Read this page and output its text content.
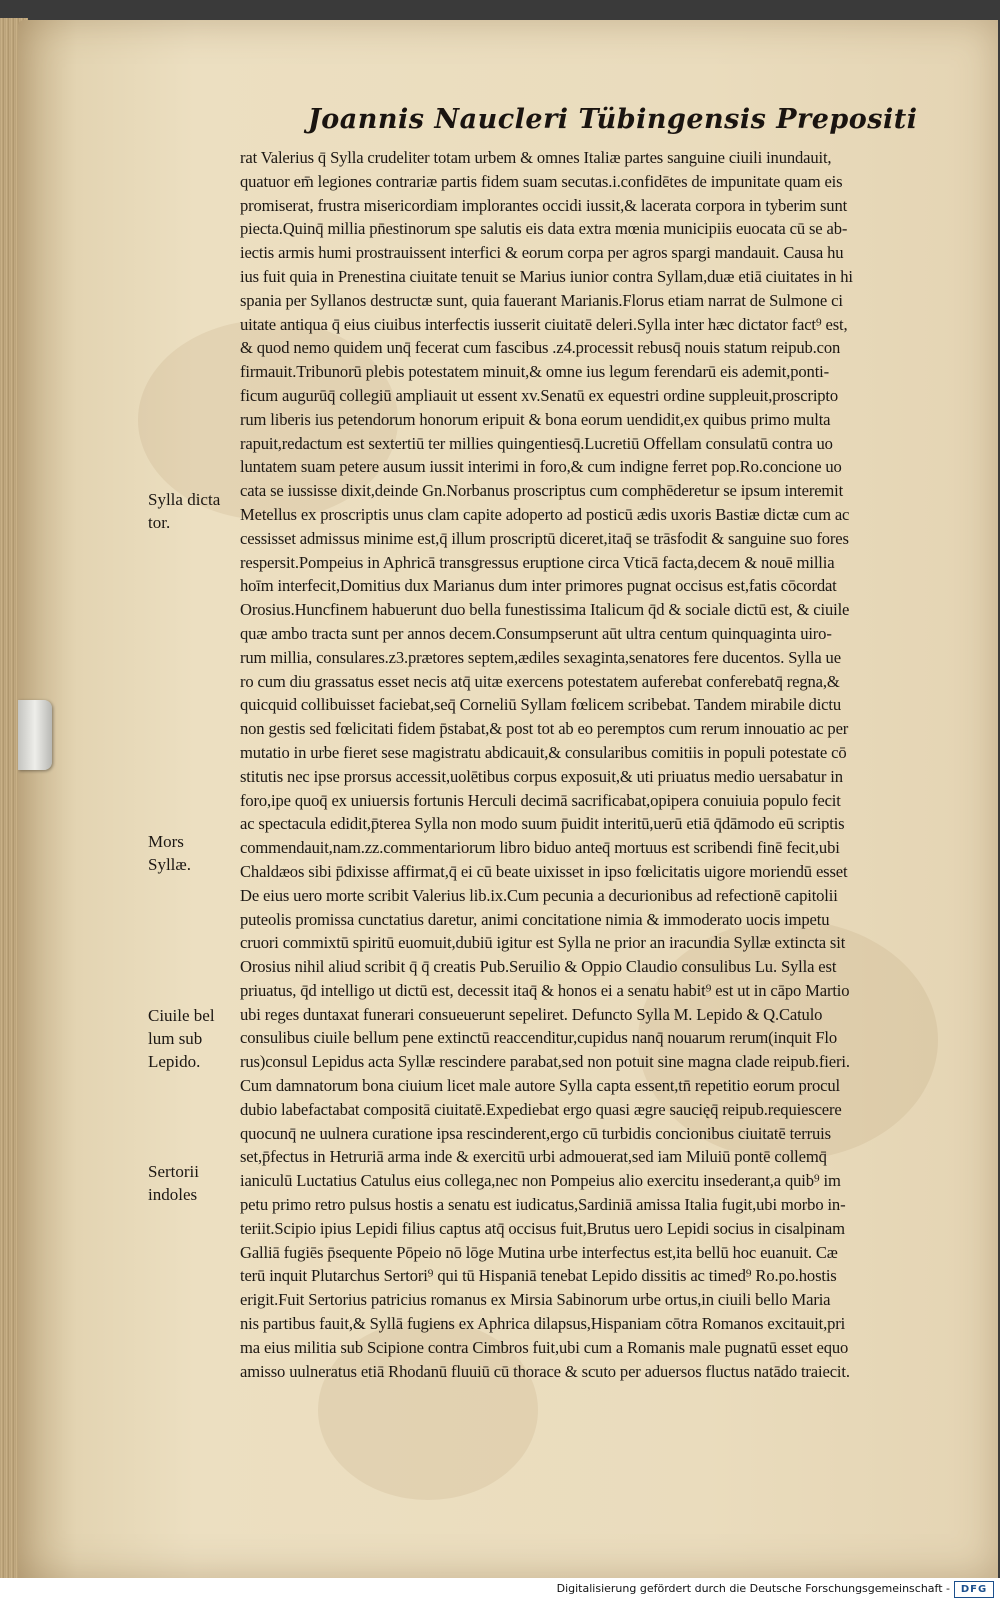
Joannis Naucleri Tübingensis Prepositi
rat Valerius q̄ Sylla crudeliter totam urbem & omnes Italiæ partes sanguine ciuili inundauit,
quatuor em̄ legiones contrariæ partis fidem suam secutas.i.confidētes de impunitate quam eis
promiserat, frustra misericordiam implorantes occidi iussit,& lacerata corpora in tyberim sunt
piecta.Quinq̄ millia pn̄estinorum spe salutis eis data extra mœnia municipiis euocata cū se ab-
iectis armis humi prostrauissent interfici & eorum corpa per agros spargi mandauit. Causa hu
ius fuit quia in Prenestina ciuitate tenuit se Marius iunior contra Syllam,duæ etiā ciuitates in hi
spania per Syllanos destructæ sunt, quia fauerant Marianis.Florus etiam narrat de Sulmone ci
uitate antiqua q̄ eius ciuibus interfectis iusserit ciuitatē deleri.Sylla inter hæc dictator fact⁹ est,
& quod nemo quidem unq̄ fecerat cum fascibus .z4.processit rebusq̄ nouis statum reipub.con
firmauit.Tribunorū plebis potestatem minuit,& omne ius legum ferendarū eis ademit,ponti-
ficum augurūq̄ collegiū ampliauit ut essent xv.Senatū ex equestri ordine suppleuit,proscripto
rum liberis ius petendorum honorum eripuit & bona eorum uendidit,ex quibus primo multa
rapuit,redactum est sextertiū ter millies quingentiesq̄.Lucretiū Offellam consulatū contra uo
luntatem suam petere ausum iussit interimi in foro,& cum indigne ferret pop.Ro.concione uo
cata se iussisse dixit,deinde Gn.Norbanus proscriptus cum comphēderetur se ipsum interemit
Metellus ex proscriptis unus clam capite adoperto ad posticū ædis uxoris Bastiæ dictæ cum ac
cessisset admissus minime est,q̄ illum proscriptū diceret,itaq̄ se trāsfodit & sanguine suo fores
respersit.Pompeius in Aphricā transgressus eruptione circa Vticā facta,decem & nouē millia
hoīm interfecit,Domitius dux Marianus dum inter primores pugnat occisus est,fatis cōcordat
Orosius.Huncfinem habuerunt duo bella funestissima Italicum q̄d & sociale dictū est, & ciuile
quæ ambo tracta sunt per annos decem.Consumpserunt aūt ultra centum quinquaginta uiro-
rum millia, consulares.z3.prætores septem,ædiles sexaginta,senatores fere ducentos. Sylla ue
ro cum diu grassatus esset necis atq̄ uitæ exercens potestatem auferebat conferebatq̄ regna,&
quicquid collibuisset faciebat,seq̄ Corneliū Syllam fœlicem scribebat. Tandem mirabile dictu
non gestis sed fœlicitati fidem p̄stabat,& post tot ab eo peremptos cum rerum innouatio ac per
mutatio in urbe fieret sese magistratu abdicauit,& consularibus comitiis in populi potestate cō
stitutis nec ipse prorsus accessit,uolētibus corpus exposuit,& uti priuatus medio uersabatur in
foro,ipe quoq̄ ex uniuersis fortunis Herculi decimā sacrificabat,opipera conuiuia populo fecit
ac spectacula edidit,p̄terea Sylla non modo suum p̄uidit interitū,uerū etiā q̄dāmodo eū scriptis
commendauit,nam.zz.commentariorum libro biduo anteq̄ mortuus est scribendi finē fecit,ubi
Chaldæos sibi p̄dixisse affirmat,q̄ ei cū beate uixisset in ipso fœlicitatis uigore moriendū esset
De eius uero morte scribit Valerius lib.ix.Cum pecunia a decurionibus ad refectionē capitolii
puteolis promissa cunctatius daretur, animi concitatione nimia & immoderato uocis impetu
cruori commixtū spiritū euomuit,dubiū igitur est Sylla ne prior an iracundia Syllæ extincta sit
Orosius nihil aliud scribit q̄ q̄ creatis Pub.Seruilio & Oppio Claudio consulibus Lu. Sylla est
priuatus, q̄d intelligo ut dictū est, decessit itaq̄ & honos ei a senatu habit⁹ est ut in cāpo Martio
ubi reges duntaxat funerari consueuerunt sepeliret. Defuncto Sylla M. Lepido & Q.Catulo
consulibus ciuile bellum pene extinctū reaccenditur,cupidus nanq̄ nouarum rerum(inquit Flo
rus)consul Lepidus acta Syllæ rescindere parabat,sed non potuit sine magna clade reipub.fieri.
Cum damnatorum bona ciuium licet male autore Sylla capta essent,tn̄ repetitio eorum procul
dubio labefactabat compositā ciuitatē.Expediebat ergo quasi ægre saucięq̄ reipub.requiescere
quocunq̄ ne uulnera curatione ipsa rescinderent,ergo cū turbidis concionibus ciuitatē terruis
set,p̄fectus in Hetruriā arma inde & exercitū urbi admouerat,sed iam Miluiū pontē collemq̄
ianiculū Luctatius Catulus eius collega,nec non Pompeius alio exercitu insederant,a quib⁹ im
petu primo retro pulsus hostis a senatu est iudicatus,Sardiniā amissa Italia fugit,ubi morbo in-
teriit.Scipio ipius Lepidi filius captus atq̄ occisus fuit,Brutus uero Lepidi socius in cisalpinam
Galliā fugiēs p̄sequente Pōpeio nō lōge Mutina urbe interfectus est,ita bellū hoc euanuit. Cæ
terū inquit Plutarchus Sertori⁹ qui tū Hispaniā tenebat Lepido dissitis ac timed⁹ Ro.po.hostis
erigit.Fuit Sertorius patricius romanus ex Mirsia Sabinorum urbe ortus,in ciuili bello Maria
nis partibus fauit,& Syllā fugiens ex Aphrica dilapsus,Hispaniam cōtra Romanos excitauit,pri
ma eius militia sub Scipione contra Cimbros fuit,ubi cum a Romanis male pugnatū esset equo
amisso uulneratus etiā Rhodanū fluuiū cū thorace & scuto per aduersos fluctus natādo traiecit.
Sylla dicta
tor.
Mors
Syllæ.
Ciuile bel
lum sub
Lepido.
Sertorii
indoles
Digitalisierung gefördert durch die Deutsche Forschungsgemeinschaft -	DFG
